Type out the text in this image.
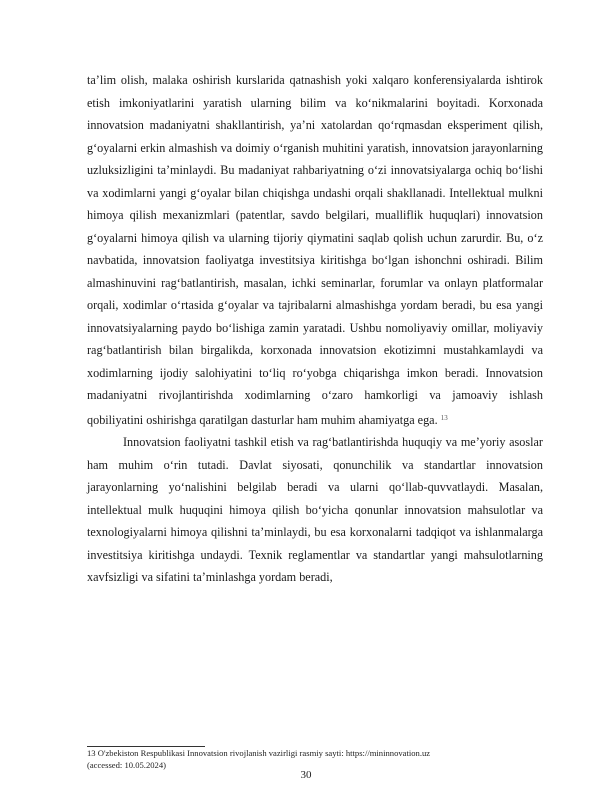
ta’lim olish, malaka oshirish kurslarida qatnashish yoki xalqaro konferensiyalarda ishtirok etish imkoniyatlarini yaratish ularning bilim va ko‘nikmalarini boyitadi. Korxonada innovatsion madaniyatni shakllantirish, ya’ni xatolardan qo‘rqmasdan eksperiment qilish, g‘oyalarni erkin almashish va doimiy o‘rganish muhitini yaratish, innovatsion jarayonlarning uzluksizligini ta’minlaydi. Bu madaniyat rahbariyatning o‘zi innovatsiyalarga ochiq bo‘lishi va xodimlarni yangi g‘oyalar bilan chiqishga undashi orqali shakllanadi. Intellektual mulkni himoya qilish mexanizmlari (patentlar, savdo belgilari, mualliflik huquqlari) innovatsion g‘oyalarni himoya qilish va ularning tijoriy qiymatini saqlab qolish uchun zarurdir. Bu, o‘z navbatida, innovatsion faoliyatga investitsiya kiritishga bo‘lgan ishonchni oshiradi. Bilim almashinuvini rag‘batlantirish, masalan, ichki seminarlar, forumlar va onlayn platformalar orqali, xodimlar o‘rtasida g‘oyalar va tajribalarni almashishga yordam beradi, bu esa yangi innovatsiyalarning paydo bo‘lishiga zamin yaratadi. Ushbu nomoliyaviy omillar, moliyaviy rag‘batlantirish bilan birgalikda, korxonada innovatsion ekotizimni mustahkamlaydi va xodimlarning ijodiy salohiyatini to‘liq ro‘yobga chiqarishga imkon beradi. Innovatsion madaniyatni rivojlantirishda xodimlarning o‘zaro hamkorligi va jamoaviy ishlash qobiliyatini oshirishga qaratilgan dasturlar ham muhim ahamiyatga ega. $^{13}$

Innovatsion faoliyatni tashkil etish va rag‘batlantirishda huquqiy va me’yoriy asoslar ham muhim o‘rin tutadi. Davlat siyosati, qonunchilik va standartlar innovatsion jarayonlarning yo‘nalishini belgilab beradi va ularni qo‘llab-quvvatlaydi. Masalan, intellektual mulk huquqini himoya qilish bo‘yicha qonunlar innovatsion mahsulotlar va texnologiyalarni himoya qilishni ta’minlaydi, bu esa korxonalarni tadqiqot va ishlanmalarga investitsiya kiritishga undaydi. Texnik reglamentlar va standartlar yangi mahsulotlarning xavfsizligi va sifatini ta’minlashga yordam beradi,

13 O'zbekiston Respublikasi Innovatsion rivojlanish vazirligi rasmiy sayti: https://mininnovation.uz
(accessed: 10.05.2024)
30
